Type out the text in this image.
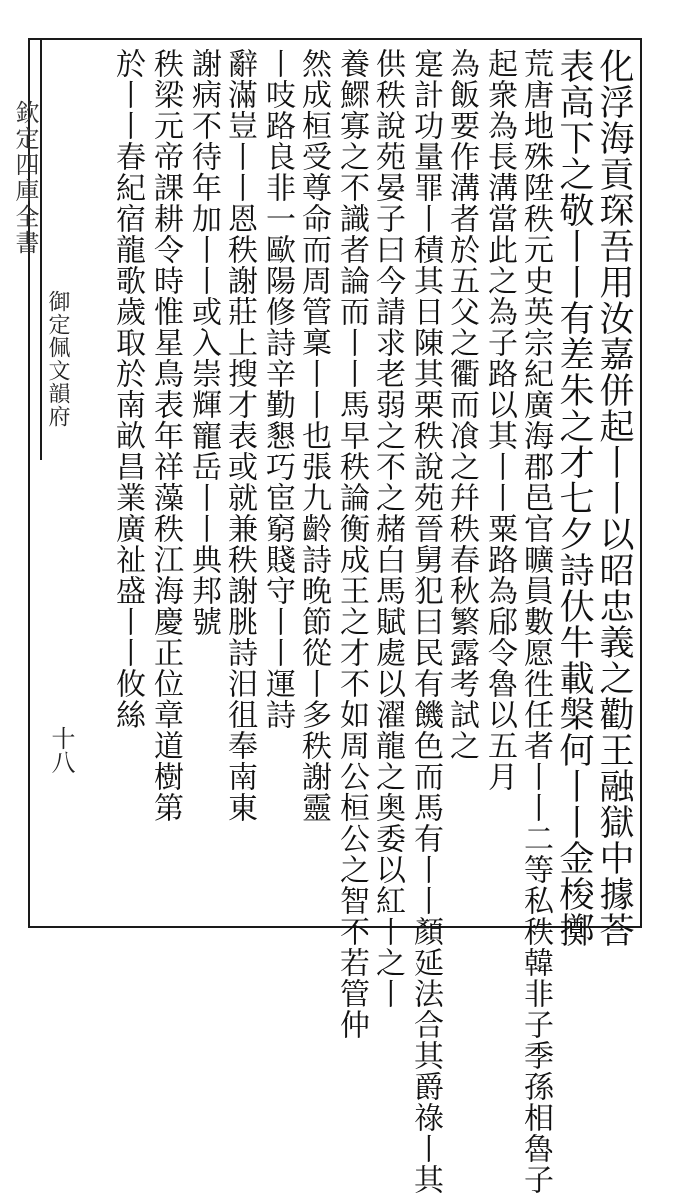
欽定四庫全書
御定佩文韻府
十八	化浮海貢琛吾用汝嘉併起丨丨以昭忠義之勸王融獄中據荅
表高下之敬丨丨有差朱之才七夕詩㐲牛載槃何丨丨金梭擲
荒唐地殊陞秩元史英宗紀廣海郡邑官曠員數愿徃任者丨丨二等私秩韓非子季孫相魯子
起衆為長溝當此之為子路以其丨丨粟路為郈令魯以五月
為飯要作溝者於五父之衢而飡之幷秩春秋繁露考試之
寔計功量罪丨積其日陳其栗秩說苑晉舅犯曰民有饑色而馬有丨丨顏延法合其爵祿丨其
供秩說苑晏子曰今請求老弱之不之赭白馬賦處以濯龍之奥委以紅丨之丨
養鰥寡之不識者論而丨丨馬早秩論衡成王之才不如周公桓公之智不若管仲
然成桓受尊命而周管稟丨丨也張九齡詩晚節從丨多秩謝靈
丨吱路良非一歐陽修詩辛勤懇巧宦窮賤守丨丨運詩
辭滿豈丨丨恩秩謝莊上搜才表或就兼秩謝朓詩汨徂奉南東
謝病不待年加丨丨或入崇輝寵岳丨丨典邦號
秩梁元帝課耕令時惟星鳥表年祥藻秩江海慶正位章道樹第
於丨丨春紀宿龍歌歲取於南畝昌業廣祉盛丨丨攸絲
